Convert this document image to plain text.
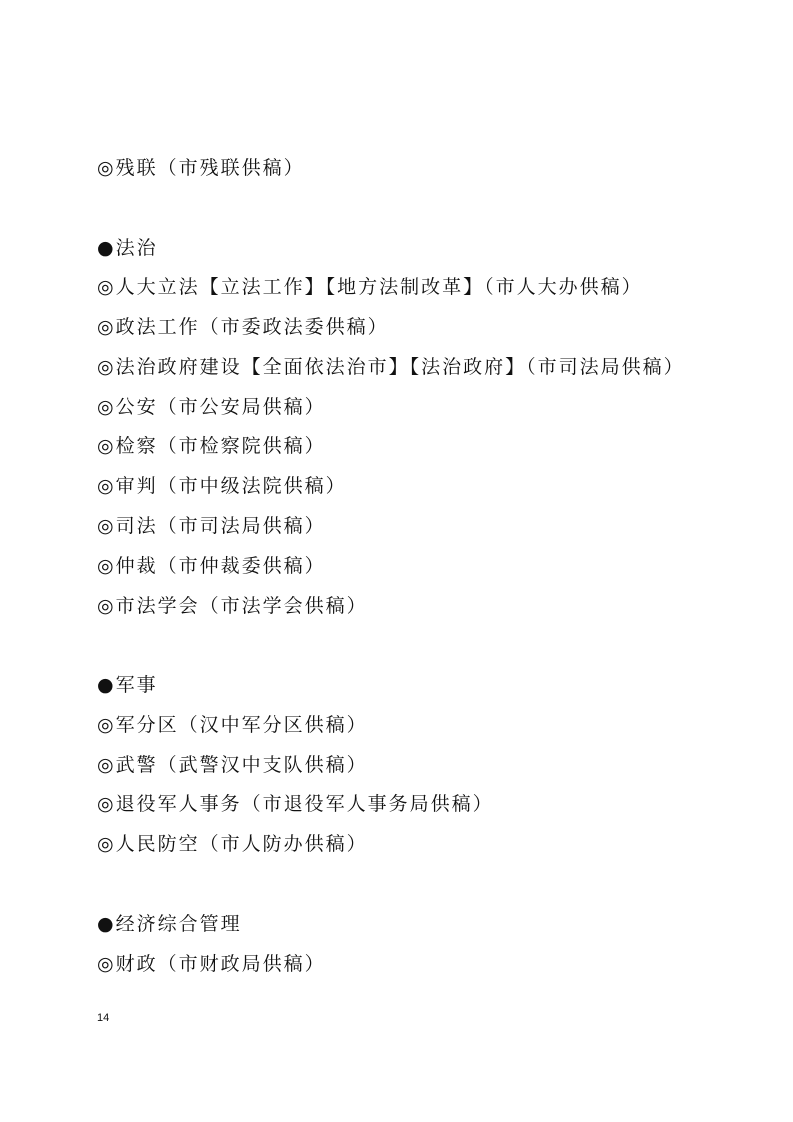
◎残联（市残联供稿）
●法治
◎人大立法【立法工作】【地方法制改革】（市人大办供稿）
◎政法工作（市委政法委供稿）
◎法治政府建设【全面依法治市】【法治政府】（市司法局供稿）
◎公安（市公安局供稿）
◎检察（市检察院供稿）
◎审判（市中级法院供稿）
◎司法（市司法局供稿）
◎仲裁（市仲裁委供稿）
◎市法学会（市法学会供稿）
●军事
◎军分区（汉中军分区供稿）
◎武警（武警汉中支队供稿）
◎退役军人事务（市退役军人事务局供稿）
◎人民防空（市人防办供稿）
●经济综合管理
◎财政（市财政局供稿）
14
